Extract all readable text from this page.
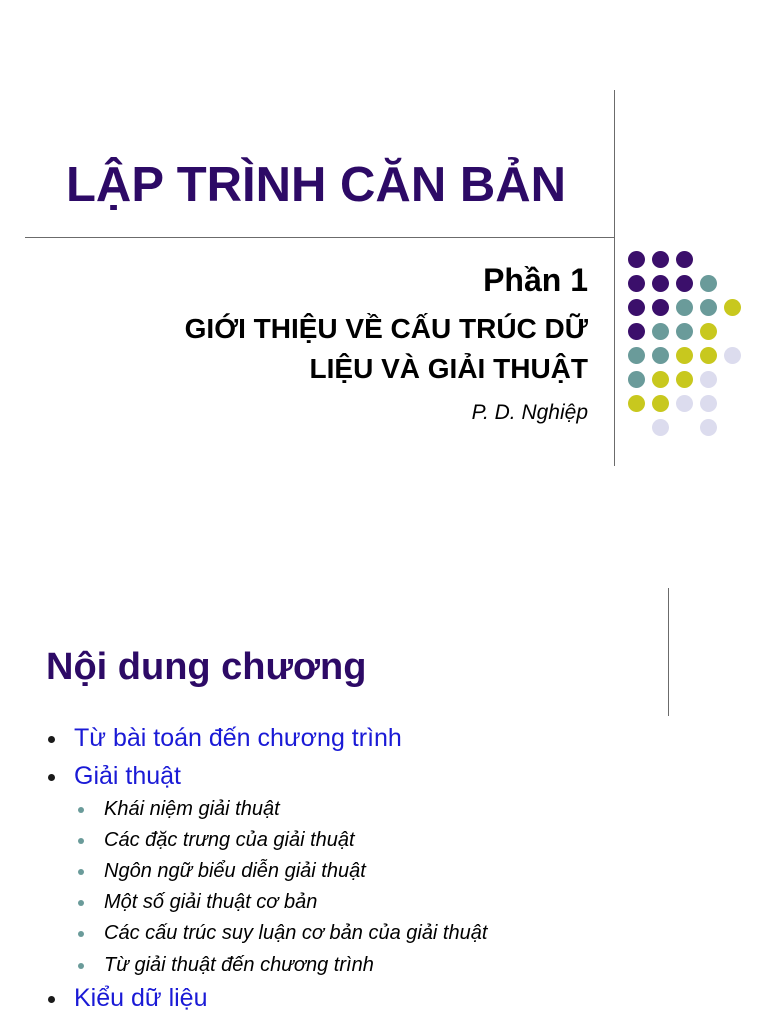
LẬP TRÌNH CĂN BẢN
Phần 1
GIỚI THIỆU VỀ CẤU TRÚC DỮ
LIỆU VÀ GIẢI THUẬT
P. D. Nghiệp
Nội dung chương
Từ bài toán đến chương trình
Giải thuật
Khái niệm giải thuật
Các đặc trưng của giải thuật
Ngôn ngữ biểu diễn giải thuật
Một số giải thuật cơ bản
Các cấu trúc suy luận cơ bản của giải thuật
Từ giải thuật đến chương trình
Kiểu dữ liệu
